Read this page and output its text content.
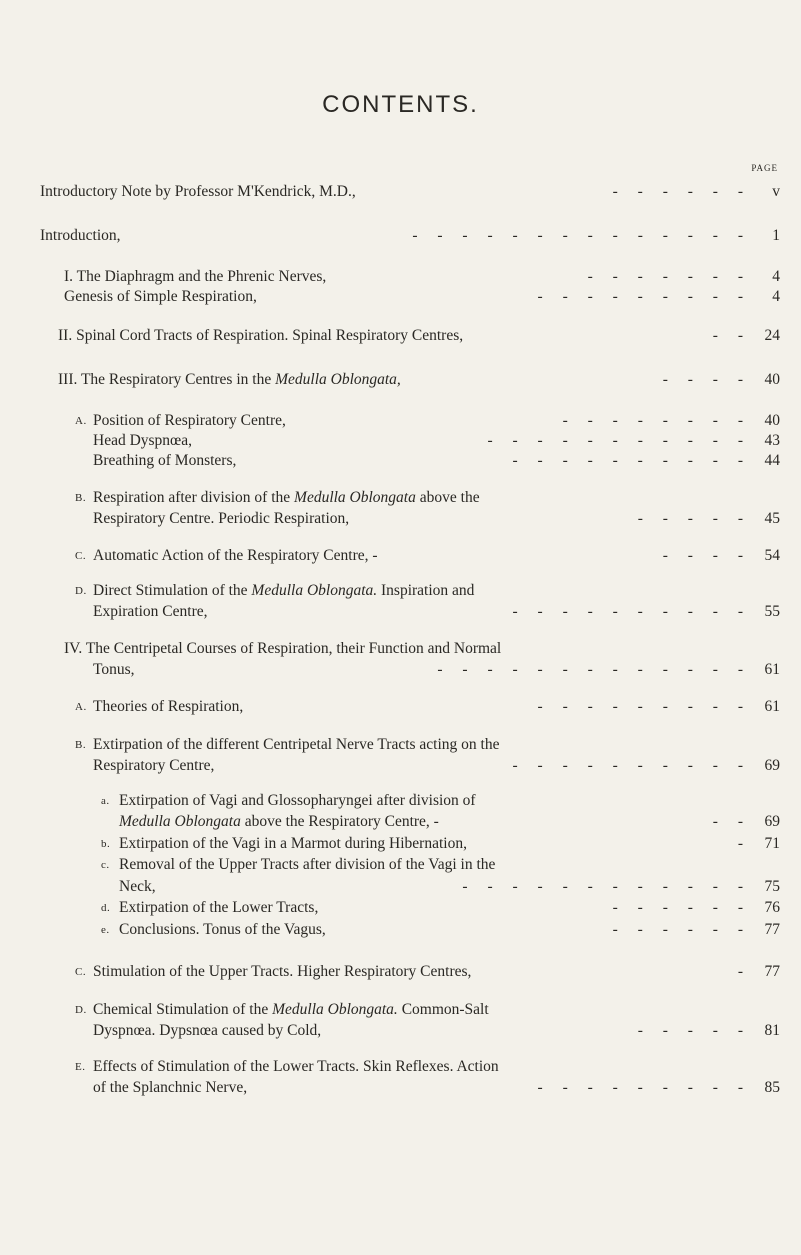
CONTENTS.
PAGE
Introductory Note by Professor M'Kendrick, M.D.,	- - - - - - v
Introduction,	- - - - - - - - - - - - - - 1
I. The Diaphragm and the Phrenic Nerves,	- - - - - - - 4
Genesis of Simple Respiration,	- - - - - - - - - 4
II. Spinal Cord Tracts of Respiration. Spinal Respiratory Centres,	- - 24
III. The Respiratory Centres in the Medulla Oblongata,	- - - - 40
A. Position of Respiratory Centre,	- - - - - - - - 40
Head Dyspnœa,	- - - - - - - - - - - 43
Breathing of Monsters,	- - - - - - - - - - 44
B. Respiration after division of the Medulla Oblongata above the
Respiratory Centre. Periodic Respiration,	- - - - - 45
C. Automatic Action of the Respiratory Centre, -	- - - - 54
D. Direct Stimulation of the Medulla Oblongata. Inspiration and
Expiration Centre,	- - - - - - - - - - 55
IV. The Centripetal Courses of Respiration, their Function and Normal
Tonus,	- - - - - - - - - - - - - 61
A. Theories of Respiration,	- - - - - - - - - 61
B. Extirpation of the different Centripetal Nerve Tracts acting on the
Respiratory Centre,	- - - - - - - - - - 69
a. Extirpation of Vagi and Glossopharyngei after division of
Medulla Oblongata above the Respiratory Centre, -	- - 69
b. Extirpation of the Vagi in a Marmot during Hibernation,	- 71
c. Removal of the Upper Tracts after division of the Vagi in the
Neck,	- - - - - - - - - - - - 75
d. Extirpation of the Lower Tracts,	- - - - - - 76
e. Conclusions. Tonus of the Vagus,	- - - - - - 77
C. Stimulation of the Upper Tracts. Higher Respiratory Centres,	- 77
D. Chemical Stimulation of the Medulla Oblongata. Common-Salt
Dyspnœa. Dypsnœa caused by Cold,	- - - - - 81
E. Effects of Stimulation of the Lower Tracts. Skin Reflexes. Action
of the Splanchnic Nerve,	- - - - - - - - - 85
